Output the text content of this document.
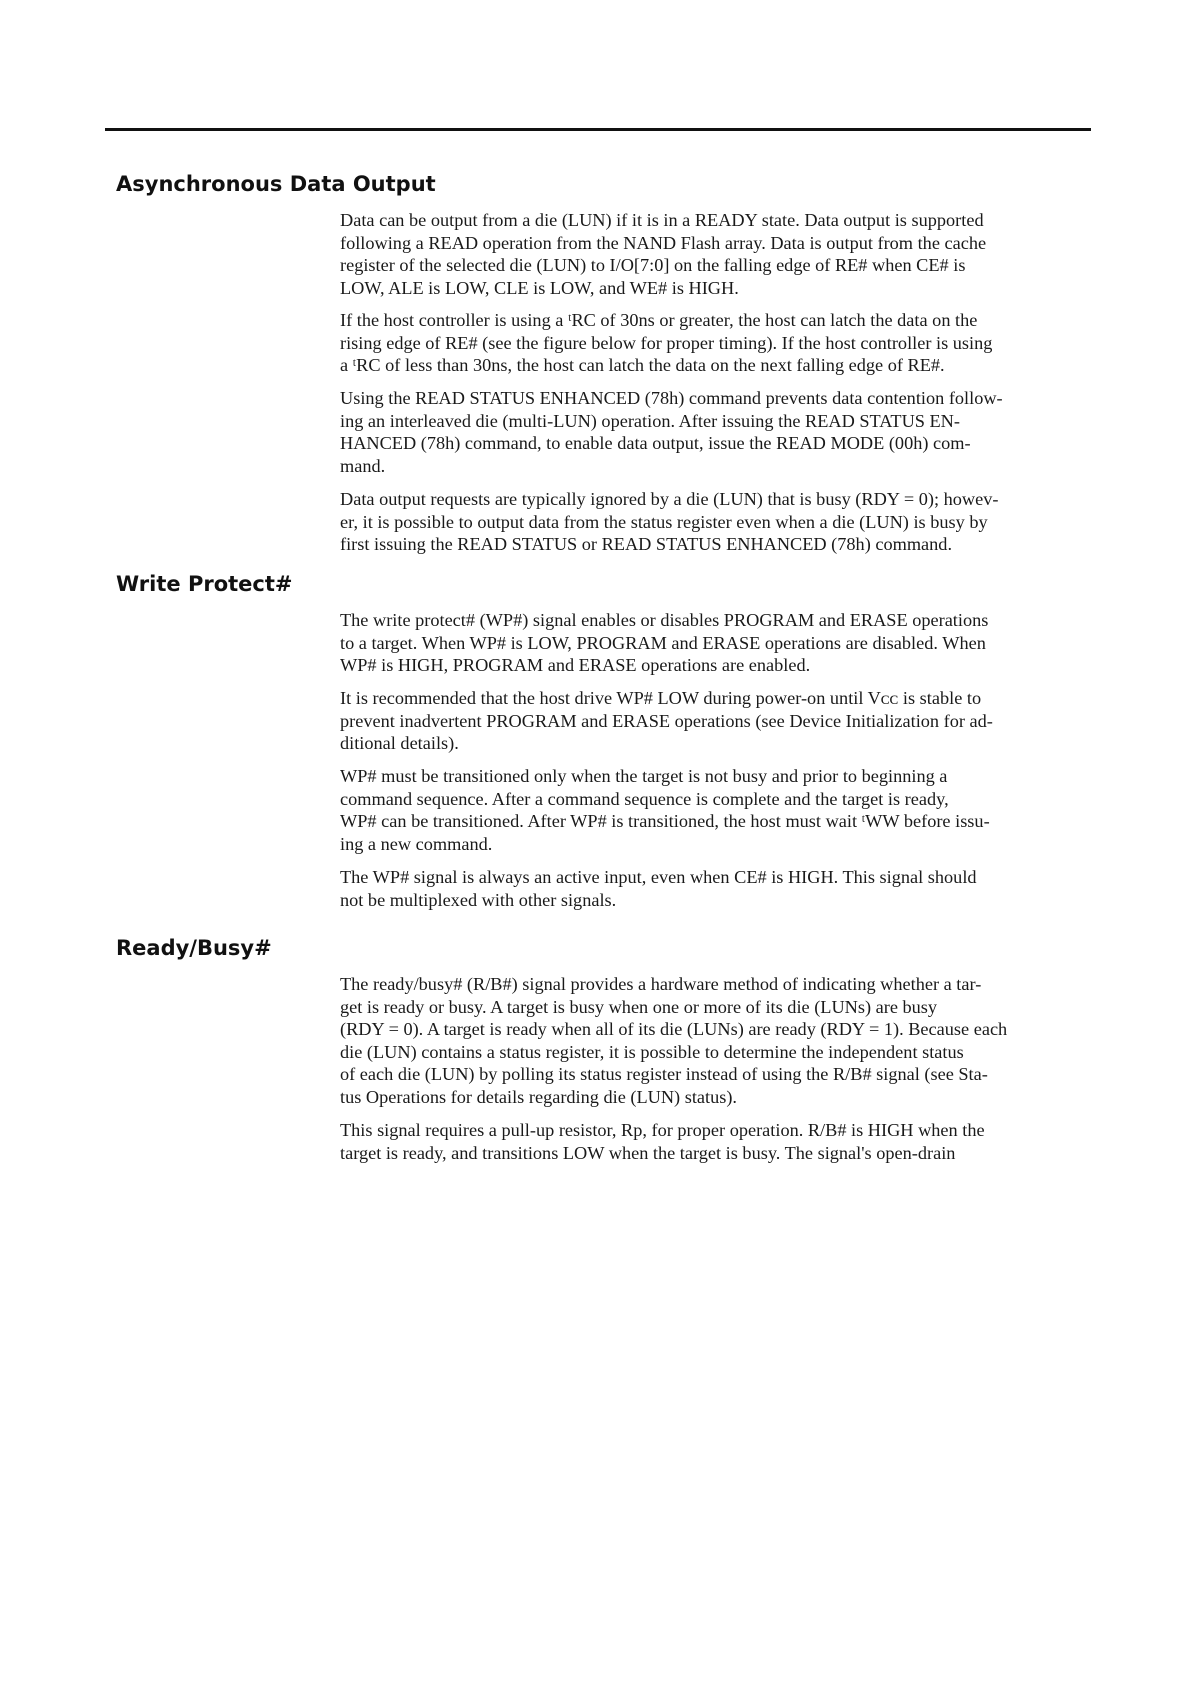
Asynchronous Data Output

Data can be output from a die (LUN) if it is in a READY state. Data output is supported
following a READ operation from the NAND Flash array. Data is output from the cache
register of the selected die (LUN) to I/O[7:0] on the falling edge of RE# when CE# is
LOW, ALE is LOW, CLE is LOW, and WE# is HIGH.

If the host controller is using a ᵗRC of 30ns or greater, the host can latch the data on the
rising edge of RE# (see the figure below for proper timing). If the host controller is using
a ᵗRC of less than 30ns, the host can latch the data on the next falling edge of RE#.

Using the READ STATUS ENHANCED (78h) command prevents data contention follow-
ing an interleaved die (multi-LUN) operation. After issuing the READ STATUS EN-
HANCED (78h) command, to enable data output, issue the READ MODE (00h) com-
mand.

Data output requests are typically ignored by a die (LUN) that is busy (RDY = 0); howev-
er, it is possible to output data from the status register even when a die (LUN) is busy by
first issuing the READ STATUS or READ STATUS ENHANCED (78h) command.

Write Protect#

The write protect# (WP#) signal enables or disables PROGRAM and ERASE operations
to a target. When WP# is LOW, PROGRAM and ERASE operations are disabled. When
WP# is HIGH, PROGRAM and ERASE operations are enabled.

It is recommended that the host drive WP# LOW during power-on until Vᴄᴄ is stable to
prevent inadvertent PROGRAM and ERASE operations (see Device Initialization for ad-
ditional details).

WP# must be transitioned only when the target is not busy and prior to beginning a
command sequence. After a command sequence is complete and the target is ready,
WP# can be transitioned. After WP# is transitioned, the host must wait ᵗWW before issu-
ing a new command.

The WP# signal is always an active input, even when CE# is HIGH. This signal should
not be multiplexed with other signals.

Ready/Busy#

The ready/busy# (R/B#) signal provides a hardware method of indicating whether a tar-
get is ready or busy. A target is busy when one or more of its die (LUNs) are busy
(RDY = 0). A target is ready when all of its die (LUNs) are ready (RDY = 1). Because each
die (LUN) contains a status register, it is possible to determine the independent status
of each die (LUN) by polling its status register instead of using the R/B# signal (see Sta-
tus Operations for details regarding die (LUN) status).

This signal requires a pull-up resistor, Rp, for proper operation. R/B# is HIGH when the
target is ready, and transitions LOW when the target is busy. The signal's open-drain
